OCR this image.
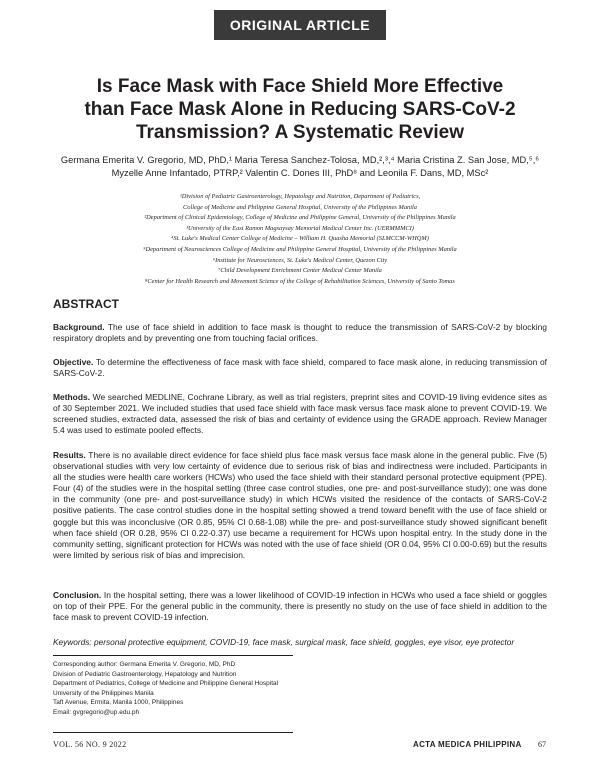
ORIGINAL ARTICLE
Is Face Mask with Face Shield More Effective
than Face Mask Alone in Reducing SARS-CoV-2
Transmission? A Systematic Review
Germana Emerita V. Gregorio, MD, PhD,¹ Maria Teresa Sanchez-Tolosa, MD,²,³,⁴ Maria Cristina Z. San Jose, MD,⁵,⁶
Myzelle Anne Infantado, PTRP,² Valentin C. Dones III, PhD⁸ and Leonila F. Dans, MD, MSc²
¹Division of Pediatric Gastroenterology, Hepatology and Nutrition, Department of Pediatrics,
College of Medicine and Philippine General Hospital, University of the Philippines Manila
²Department of Clinical Epidemiology, College of Medicine and Philippine General, University of the Philippines Manila
³University of the East Ramon Magsaysay Memorial Medical Center Inc. (UERMMMCI)
⁴St. Luke's Medical Center College of Medicine – William H. Quasha Memorial (SLMCCM-WHQM)
⁵Department of Neurosciences College of Medicine and Philippine General Hospital, University of the Philippines Manila
⁶Institute for Neurosciences, St. Luke's Medical Center, Quezon City
⁷Child Development Enrichment Center Medical Center Manila
⁸Center for Health Research and Movement Science of the College of Rehabilitation Sciences, University of Santo Tomas
ABSTRACT
Background. The use of face shield in addition to face mask is thought to reduce the transmission of SARS-CoV-2 by blocking respiratory droplets and by preventing one from touching facial orifices.
Objective. To determine the effectiveness of face mask with face shield, compared to face mask alone, in reducing transmission of SARS-CoV-2.
Methods. We searched MEDLINE, Cochrane Library, as well as trial registers, preprint sites and COVID-19 living evidence sites as of 30 September 2021. We included studies that used face shield with face mask versus face mask alone to prevent COVID-19. We screened studies, extracted data, assessed the risk of bias and certainty of evidence using the GRADE approach. Review Manager 5.4 was used to estimate pooled effects.
Results. There is no available direct evidence for face shield plus face mask versus face mask alone in the general public. Five (5) observational studies with very low certainty of evidence due to serious risk of bias and indirectness were included. Participants in all the studies were health care workers (HCWs) who used the face shield with their standard personal protective equipment (PPE). Four (4) of the studies were in the hospital setting (three case control studies, one pre- and post-surveillance study); one was done in the community (one pre- and post-surveillance study) in which HCWs visited the residence of the contacts of SARS-CoV-2 positive patients. The case control studies done in the hospital setting showed a trend toward benefit with the use of face shield or goggle but this was inconclusive (OR 0.85, 95% CI 0.68-1.08) while the pre- and post-surveillance study showed significant benefit when face shield (OR 0.28, 95% CI 0.22-0.37) use became a requirement for HCWs upon hospital entry. In the study done in the community setting, significant protection for HCWs was noted with the use of face shield (OR 0.04, 95% CI 0.00-0.69) but the results were limited by serious risk of bias and imprecision.
Conclusion. In the hospital setting, there was a lower likelihood of COVID-19 infection in HCWs who used a face shield or goggles on top of their PPE. For the general public in the community, there is presently no study on the use of face shield in addition to the face mask to prevent COVID-19 infection.
Keywords: personal protective equipment, COVID-19, face mask, surgical mask, face shield, goggles, eye visor, eye protector
Corresponding author: Germana Emerita V. Gregorio, MD, PhD
Division of Pediatric Gastroenterology, Hepatology and Nutrition
Department of Pediatrics, College of Medicine and Philippine General Hospital
University of the Philippines Manila
Taft Avenue, Ermita, Manila 1000, Philippines
Email: gvgregorio@up.edu.ph
VOL. 56 NO. 9 2022	ACTA MEDICA PHILIPPINA 67
